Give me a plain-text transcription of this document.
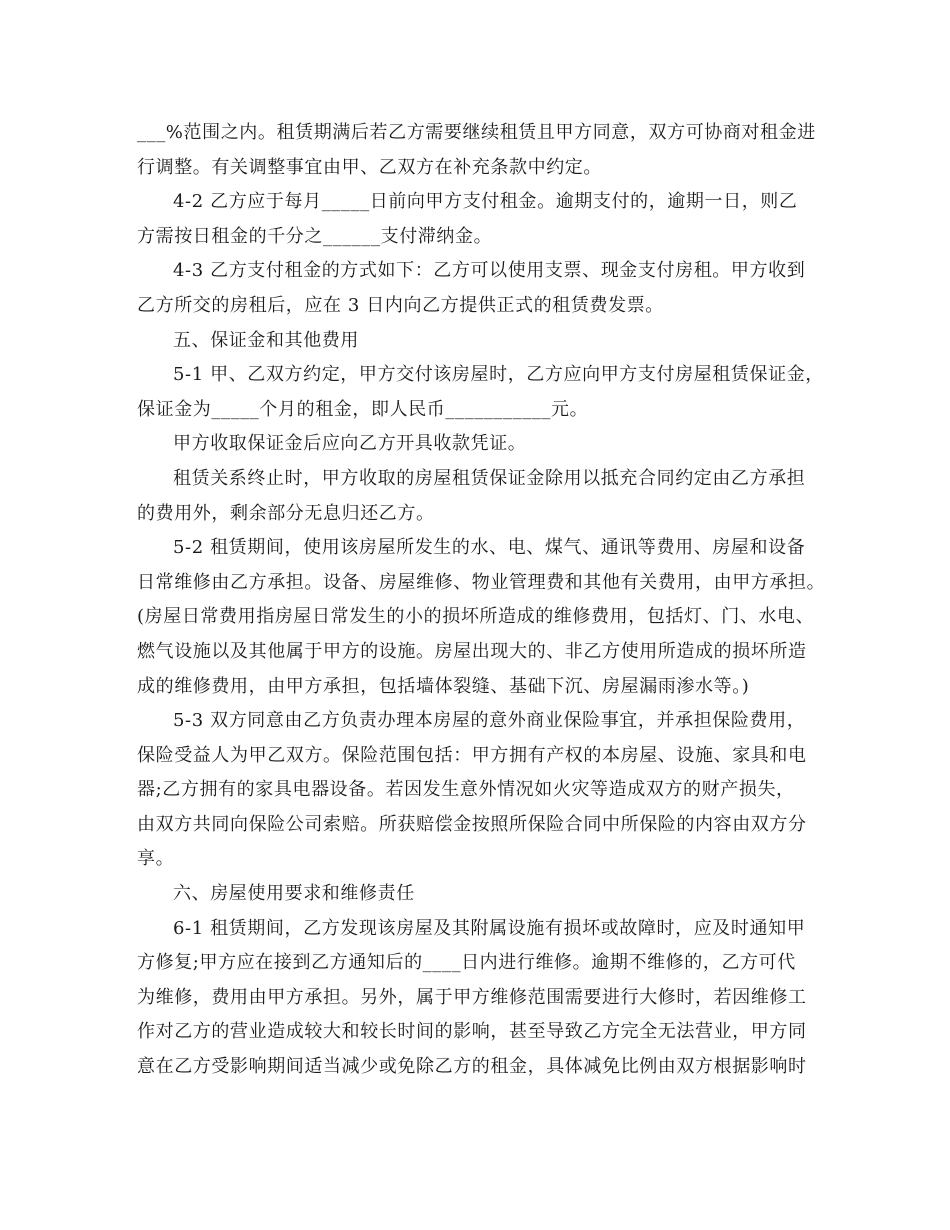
___%范围之内。租赁期满后若乙方需要继续租赁且甲方同意，双方可协商对租金进
行调整。有关调整事宜由甲、乙双方在补充条款中约定。

4-2 乙方应于每月_____日前向甲方支付租金。逾期支付的，逾期一日，则乙
方需按日租金的千分之______支付滞纳金。

4-3 乙方支付租金的方式如下：乙方可以使用支票、现金支付房租。甲方收到
乙方所交的房租后，应在 3 日内向乙方提供正式的租赁费发票。

五、保证金和其他费用

5-1 甲、乙双方约定，甲方交付该房屋时，乙方应向甲方支付房屋租赁保证金，
保证金为_____个月的租金，即人民币___________元。

甲方收取保证金后应向乙方开具收款凭证。

租赁关系终止时，甲方收取的房屋租赁保证金除用以抵充合同约定由乙方承担
的费用外，剩余部分无息归还乙方。

5-2 租赁期间，使用该房屋所发生的水、电、煤气、通讯等费用、房屋和设备
日常维修由乙方承担。设备、房屋维修、物业管理费和其他有关费用，由甲方承担。
(房屋日常费用指房屋日常发生的小的损坏所造成的维修费用，包括灯、门、水电、
燃气设施以及其他属于甲方的设施。房屋出现大的、非乙方使用所造成的损坏所造
成的维修费用，由甲方承担，包括墙体裂缝、基础下沉、房屋漏雨渗水等。)

5-3 双方同意由乙方负责办理本房屋的意外商业保险事宜，并承担保险费用，
保险受益人为甲乙双方。保险范围包括：甲方拥有产权的本房屋、设施、家具和电
器;乙方拥有的家具电器设备。若因发生意外情况如火灾等造成双方的财产损失，
由双方共同向保险公司索赔。所获赔偿金按照所保险合同中所保险的内容由双方分
享。

六、房屋使用要求和维修责任

6-1 租赁期间，乙方发现该房屋及其附属设施有损坏或故障时，应及时通知甲
方修复;甲方应在接到乙方通知后的____日内进行维修。逾期不维修的，乙方可代
为维修，费用由甲方承担。另外，属于甲方维修范围需要进行大修时，若因维修工
作对乙方的营业造成较大和较长时间的影响，甚至导致乙方完全无法营业，甲方同
意在乙方受影响期间适当减少或免除乙方的租金，具体减免比例由双方根据影响时
